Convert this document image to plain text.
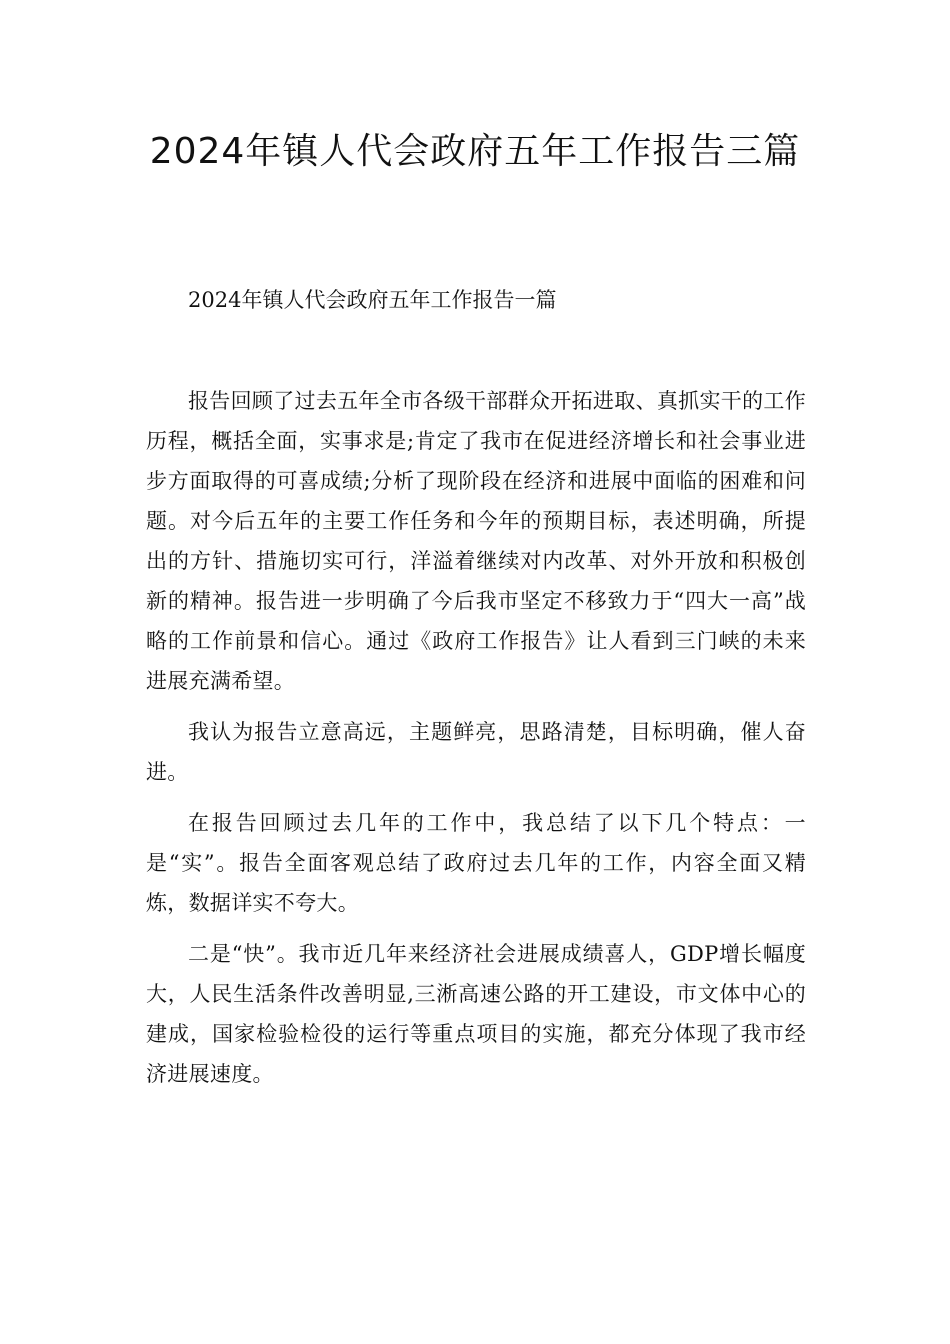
2024年镇人代会政府五年工作报告三篇

2024年镇人代会政府五年工作报告一篇

报告回顾了过去五年全市各级干部群众开拓进取、真抓实干的工作历程，概括全面，实事求是;肯定了我市在促进经济增长和社会事业进步方面取得的可喜成绩;分析了现阶段在经济和进展中面临的困难和问题。对今后五年的主要工作任务和今年的预期目标，表述明确，所提出的方针、措施切实可行，洋溢着继续对内改革、对外开放和积极创新的精神。报告进一步明确了今后我市坚定不移致力于“四大一高”战略的工作前景和信心。通过《政府工作报告》让人看到三门峡的未来进展充满希望。

我认为报告立意高远，主题鲜亮，思路清楚，目标明确，催人奋进。

在报告回顾过去几年的工作中，我总结了以下几个特点：一是“实”。报告全面客观总结了政府过去几年的工作，内容全面又精炼，数据详实不夸大。

二是“快”。我市近几年来经济社会进展成绩喜人，GDP增长幅度大，人民生活条件改善明显,三淅高速公路的开工建设，市文体中心的建成，国家检验检役的运行等重点项目的实施，都充分体现了我市经济进展速度。
